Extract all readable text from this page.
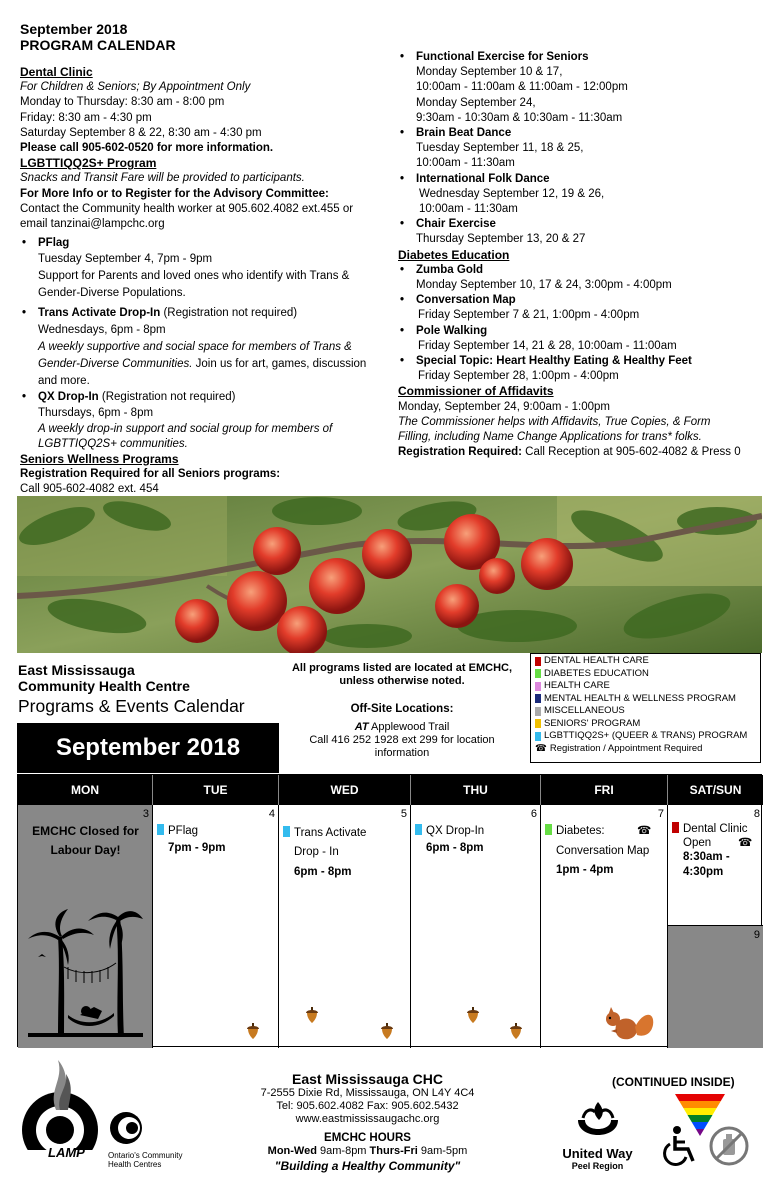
September 2018
PROGRAM CALENDAR
Dental Clinic
For Children & Seniors; By Appointment Only
Monday to Thursday: 8:30 am - 8:00 pm
Friday: 8:30 am - 4:30 pm
Saturday September 8 & 22, 8:30 am - 4:30 pm
Please call 905-602-0520 for more information.
LGBTTIQQ2S+ Program
Snacks and Transit Fare will be provided to participants.
For More Info or to Register for the Advisory Committee:
Contact the Community health worker at 905.602.4082 ext.455 or
email tanzinai@lampchc.org
• PFlag
Tuesday September 4, 7pm - 9pm
Support for Parents and loved ones who identify with Trans &
Gender-Diverse Populations.
• Trans Activate Drop-In (Registration not required)
Wednesdays, 6pm - 8pm
A weekly supportive and social space for members of Trans &
Gender-Diverse Communities. Join us for art, games, discussion
and more.
• QX Drop-In (Registration not required)
Thursdays, 6pm - 8pm
A weekly drop-in support and social group for members of
LGBTTIQQ2S+ communities.
Seniors Wellness Programs
Registration Required for all Seniors programs:
Call 905-602-4082 ext. 454
• Functional Exercise for Seniors
Monday September 10 & 17,
10:00am - 11:00am & 11:00am - 12:00pm
Monday September 24,
9:30am - 10:30am & 10:30am - 11:30am
• Brain Beat Dance
Tuesday September 11, 18 & 25,
10:00am - 11:30am
• International Folk Dance
Wednesday September 12, 19 & 26,
10:00am - 11:30am
• Chair Exercise
Thursday September 13, 20 & 27
Diabetes Education
• Zumba Gold
Monday September 10, 17 & 24, 3:00pm - 4:00pm
• Conversation Map
Friday September 7 & 21, 1:00pm - 4:00pm
• Pole Walking
Friday September 14, 21 & 28, 10:00am - 11:00am
• Special Topic: Heart Healthy Eating & Healthy Feet
Friday September 28, 1:00pm - 4:00pm
Commissioner of Affidavits
Monday, September 24, 9:00am - 1:00pm
The Commissioner helps with Affidavits, True Copies, & Form
Filling, including Name Change Applications for trans* folks.
Registration Required: Call Reception at 905-602-4082 & Press 0
East Mississauga
Community Health Centre
Programs & Events Calendar
September 2018
All programs listed are located at EMCHC,
unless otherwise noted.
Off-Site Locations:
AT Applewood Trail
Call 416 252 1928 ext 299 for location
information
DENTAL HEALTH CARE
DIABETES EDUCATION
HEALTH CARE
MENTAL HEALTH & WELLNESS PROGRAM
MISCELLANEOUS
SENIORS' PROGRAM
LGBTTIQQ2S+ (QUEER & TRANS) PROGRAM
☎ Registration / Appointment Required
MON	TUE	WED	THU	FRI	SAT/SUN
3
EMCHC Closed for
Labour Day!
4
PFlag
7pm - 9pm
5
Trans Activate
Drop - In
6pm - 8pm
6
QX Drop-In
6pm - 8pm
7
Diabetes:	☎
Conversation Map
1pm - 4pm
8
Dental Clinic
Open ☎
8:30am -
4:30pm
9
LAMP	Ontario's Community
Health Centres
East Mississauga CHC
7-2555 Dixie Rd, Mississauga, ON L4Y 4C4
Tel: 905.602.4082 Fax: 905.602.5432
www.eastmississaugachc.org
EMCHC HOURS
Mon-Wed 9am-8pm Thurs-Fri 9am-5pm
"Building a Healthy Community"
United Way
Peel Region
(CONTINUED INSIDE)
